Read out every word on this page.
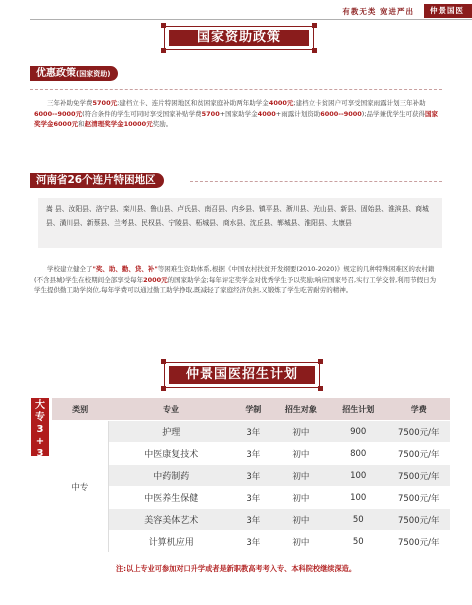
有教无类 宽进严出	仲景国医
国家资助政策
优惠政策(国家资助)
三年补助免学费5700元;建档立卡、连片特困地区和贫困家庭补助两年助学金4000元;建档立卡贫困户可享受国家雨露计划三年补助6000--9000元(符合条件的学生可同时享受国家补贴学费5700+国家助学金4000+雨露计划资助6000--9000);品学兼优学生可获得国家奖学金6000元和赵清理奖学金10000元奖励。
河南省26个连片特困地区
嵩 县、汝阳县、洛宁县、栾川县、鲁山县、卢氏县、南召县、内乡县、镇平县、淅川县、光山县、新县、固始县、淮滨县、商城县、潢川县、新蔡县、兰考县、民权县、宁陵县、柘城县、商水县、沈丘县、郸城县、淮阳县、太康县
学校建立健全了"奖、助、勤、贷、补"等困难生资助体系,根据《中国农村扶贫开发纲要(2010-2020)》规定的几种特殊困难区的农村籍(不含县城)学生在校期间全部享受每年2000元的国家助学金;每年评定奖学金对优秀学生予以奖励;响应国家号召,实行工学交替,利用节假日为学生提供勤工助学岗位,每年学费可以通过勤工助学挣取,既减轻了家庭经济负担,又锻炼了学生吃苦耐劳的精神。
仲景国医招生计划
大
专
3
+
3
类别	专业	学制	招生对象	招生计划	学费
中专	护理	3年	初中	900	7500元/年
	中医康复技术	3年	初中	800	7500元/年
	中药制药	3年	初中	100	7500元/年
	中医养生保健	3年	初中	100	7500元/年
	美容美体艺术	3年	初中	50	7500元/年
	计算机应用	3年	初中	50	7500元/年
注:以上专业可参加对口升学或者是新职教高考考入专、本科院校继续深造。
